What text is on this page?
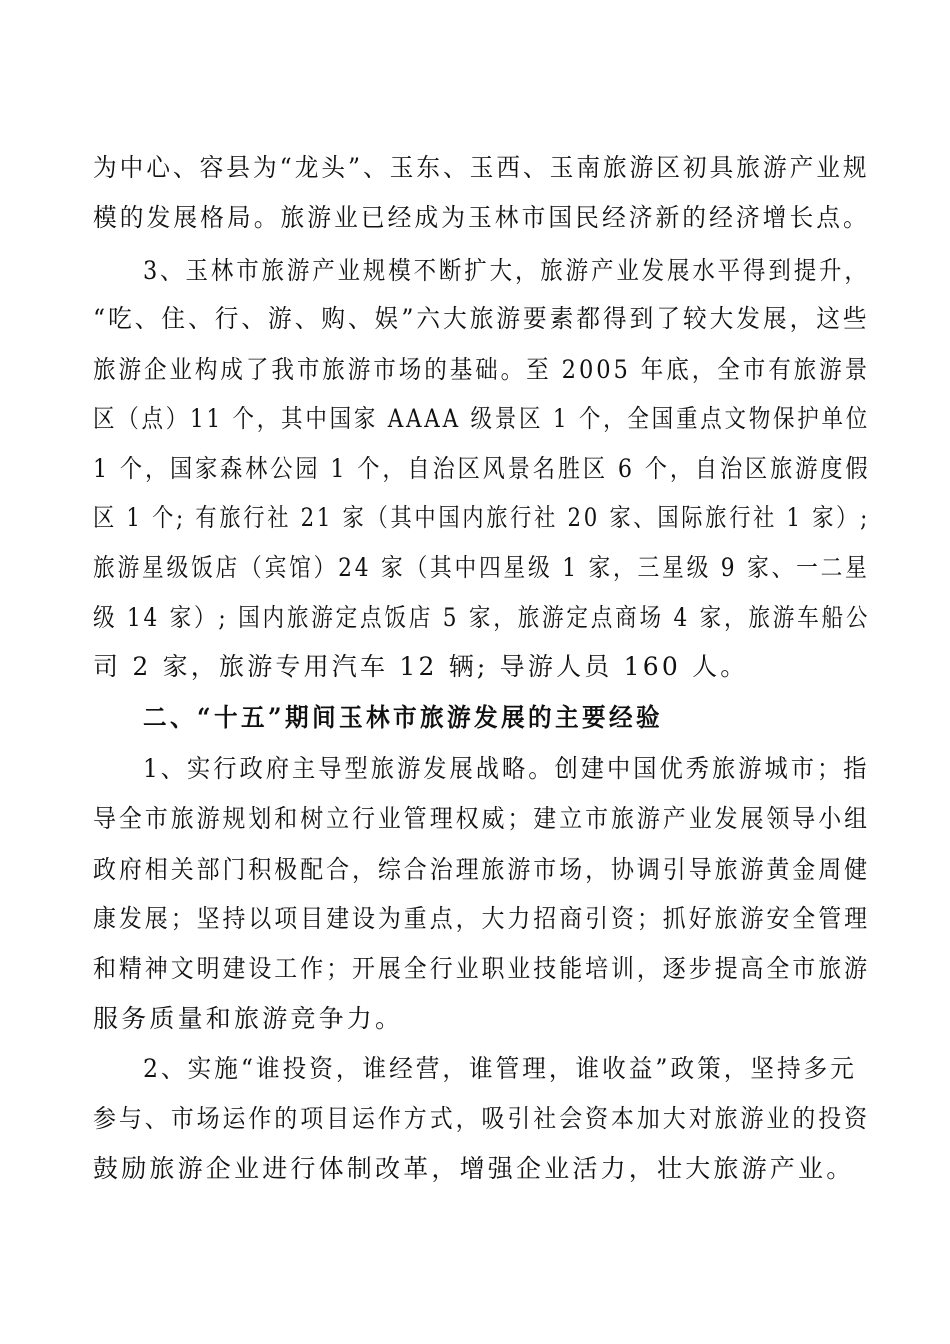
为中心、容县为“龙头”、玉东、玉西、玉南旅游区初具旅游产业规
模的发展格局。旅游业已经成为玉林市国民经济新的经济增长点。
3、玉林市旅游产业规模不断扩大，旅游产业发展水平得到提升，
“吃、住、行、游、购、娱”六大旅游要素都得到了较大发展，这些
旅游企业构成了我市旅游市场的基础。至 2005 年底，全市有旅游景
区（点）11 个，其中国家 AAAA 级景区 1 个，全国重点文物保护单位
1 个，国家森林公园 1 个，自治区风景名胜区 6 个，自治区旅游度假
区 1 个; 有旅行社 21 家（其中国内旅行社 20 家、国际旅行社 1 家）;
旅游星级饭店（宾馆）24 家（其中四星级 1 家，三星级 9 家、一二星
级 14 家）; 国内旅游定点饭店 5 家，旅游定点商场 4 家，旅游车船公
司 2 家，旅游专用汽车 12 辆; 导游人员 160 人。
二、“十五”期间玉林市旅游发展的主要经验
1、实行政府主导型旅游发展战略。创建中国优秀旅游城市；指
导全市旅游规划和树立行业管理权威；建立市旅游产业发展领导小组
政府相关部门积极配合，综合治理旅游市场，协调引导旅游黄金周健
康发展；坚持以项目建设为重点，大力招商引资；抓好旅游安全管理
和精神文明建设工作；开展全行业职业技能培训，逐步提高全市旅游
服务质量和旅游竞争力。
2、实施“谁投资，谁经营，谁管理，谁收益”政策，坚持多元
参与、市场运作的项目运作方式，吸引社会资本加大对旅游业的投资
鼓励旅游企业进行体制改革，增强企业活力，壮大旅游产业。
